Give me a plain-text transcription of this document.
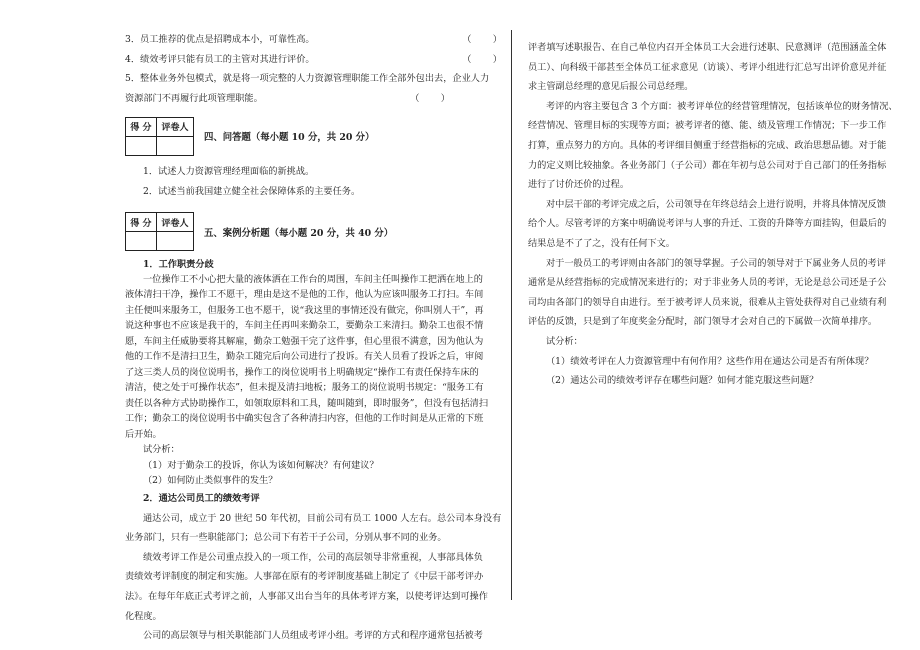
3．员工推荐的优点是招聘成本小，可靠性高。	（　　）

4．绩效考评只能有员工的主管对其进行评价。	（　　）

5．整体业务外包模式，就是将一项完整的人力资源管理职能工作全部外包出去，企业人力

资源部门不再履行此项管理职能。	（　　）

得 分	评卷人

四、问答题（每小题 10 分，共 20 分）

1．试述人力资源管理经理面临的新挑战。

2．试述当前我国建立健全社会保障体系的主要任务。

得 分	评卷人

五、案例分析题（每小题 20 分，共 40 分）

1．工作职责分歧

一位操作工不小心把大量的液体洒在工作台的周围，车间主任叫操作工把洒在地上的

液体清扫干净，操作工不愿干，理由是这不是他的工作，他认为应该叫服务工打扫。车间

主任便叫来服务工，但服务工也不愿干，说“我这里的事情还没有做完，你叫别人干”，再

说这种事也不应该是我干的，车间主任再叫来勤杂工，要勤杂工来清扫。勤杂工也很不情

愿，车间主任威胁要将其解雇，勤杂工勉强干完了这件事，但心里很不满意，因为他认为

他的工作不是清扫卫生，勤杂工随完后向公司进行了投诉。有关人员看了投诉之后，审阅

了这三类人员的岗位说明书，操作工的岗位说明书上明确规定“操作工有责任保持车床的

清洁，使之处于可操作状态”，但未提及清扫地板；服务工的岗位说明书规定：“服务工有

责任以各种方式协助操作工，如领取原料和工具，随叫随到，即时服务”，但没有包括清扫

工作；勤杂工的岗位说明书中确实包含了各种清扫内容，但他的工作时间是从正常的下班

后开始。

试分析：

（1）对于勤杂工的投诉，你认为该如何解决？有何建议？

（2）如何防止类似事件的发生？

2．通达公司员工的绩效考评

通达公司，成立于 20 世纪 50 年代初，目前公司有员工 1000 人左右。总公司本身没有

业务部门，只有一些职能部门；总公司下有若干子公司，分别从事不同的业务。

绩效考评工作是公司重点投入的一项工作，公司的高层领导非常重视，人事部具体负

责绩效考评制度的制定和实施。人事部在原有的考评制度基础上制定了《中层干部考评办

法》。在每年年底正式考评之前，人事部又出台当年的具体考评方案，以使考评达到可操作

化程度。

公司的高层领导与相关职能部门人员组成考评小组。考评的方式和程序通常包括被考

评者填写述职报告、在自己单位内召开全体员工大会进行述职、民意测评（范围涵盖全体

员工）、向科级干部甚至全体员工征求意见（访谈）、考评小组进行汇总写出评价意见并征

求主管副总经理的意见后报公司总经理。

考评的内容主要包含 3 个方面：被考评单位的经营管理情况，包括该单位的财务情况、

经营情况、管理目标的实现等方面；被考评者的德、能、绩及管理工作情况；下一步工作

打算，重点努力的方向。具体的考评细目侧重于经营指标的完成、政治思想品德。对于能

力的定义则比较抽象。各业务部门（子公司）都在年初与总公司对于自己部门的任务指标

进行了讨价还价的过程。

对中层干部的考评完成之后，公司领导在年终总结会上进行说明，并将具体情况反馈

给个人。尽管考评的方案中明确说考评与人事的升迁、工资的升降等方面挂钩，但最后的

结果总是不了了之，没有任何下文。

对于一般员工的考评则由各部门的领导掌握。子公司的领导对于下属业务人员的考评

通常是从经营指标的完成情况来进行的；对于非业务人员的考评，无论是总公司还是子公

司均由各部门的领导自由进行。至于被考评人员来说，很难从主管处获得对自己业绩有利

评估的反馈，只是到了年度奖金分配时，部门领导才会对自己的下属做一次简单排序。

试分析：

（1）绩效考评在人力资源管理中有何作用？这些作用在通达公司是否有所体现？

（2）通达公司的绩效考评存在哪些问题？如何才能克服这些问题？
